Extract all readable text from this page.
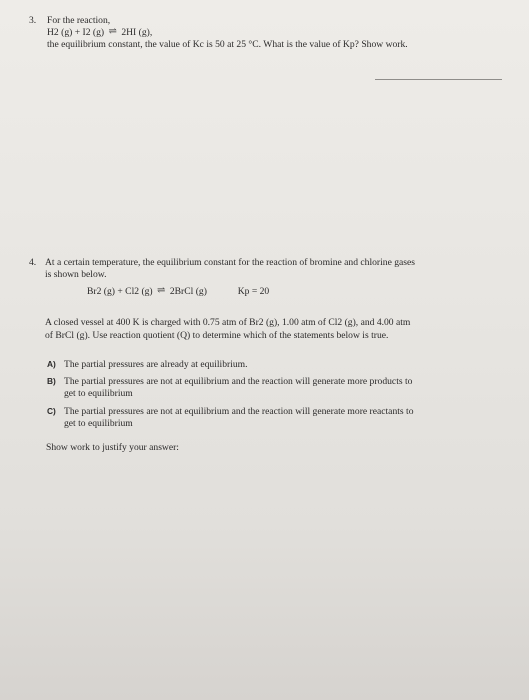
3. For the reaction,
H2 (g) + I2 (g) ⇌ 2HI (g),
the equilibrium constant, the value of Kc is 50 at 25 °C. What is the value of Kp? Show work.
4. At a certain temperature, the equilibrium constant for the reaction of bromine and chlorine gases
is shown below.
Br2 (g) + Cl2 (g) ⇌ 2BrCl (g)	Kp = 20
A closed vessel at 400 K is charged with 0.75 atm of Br2 (g), 1.00 atm of Cl2 (g), and 4.00 atm
of BrCl (g). Use reaction quotient (Q) to determine which of the statements below is true.
A) The partial pressures are already at equilibrium.
B) The partial pressures are not at equilibrium and the reaction will generate more products to
get to equilibrium
C) The partial pressures are not at equilibrium and the reaction will generate more reactants to
get to equilibrium
Show work to justify your answer:
